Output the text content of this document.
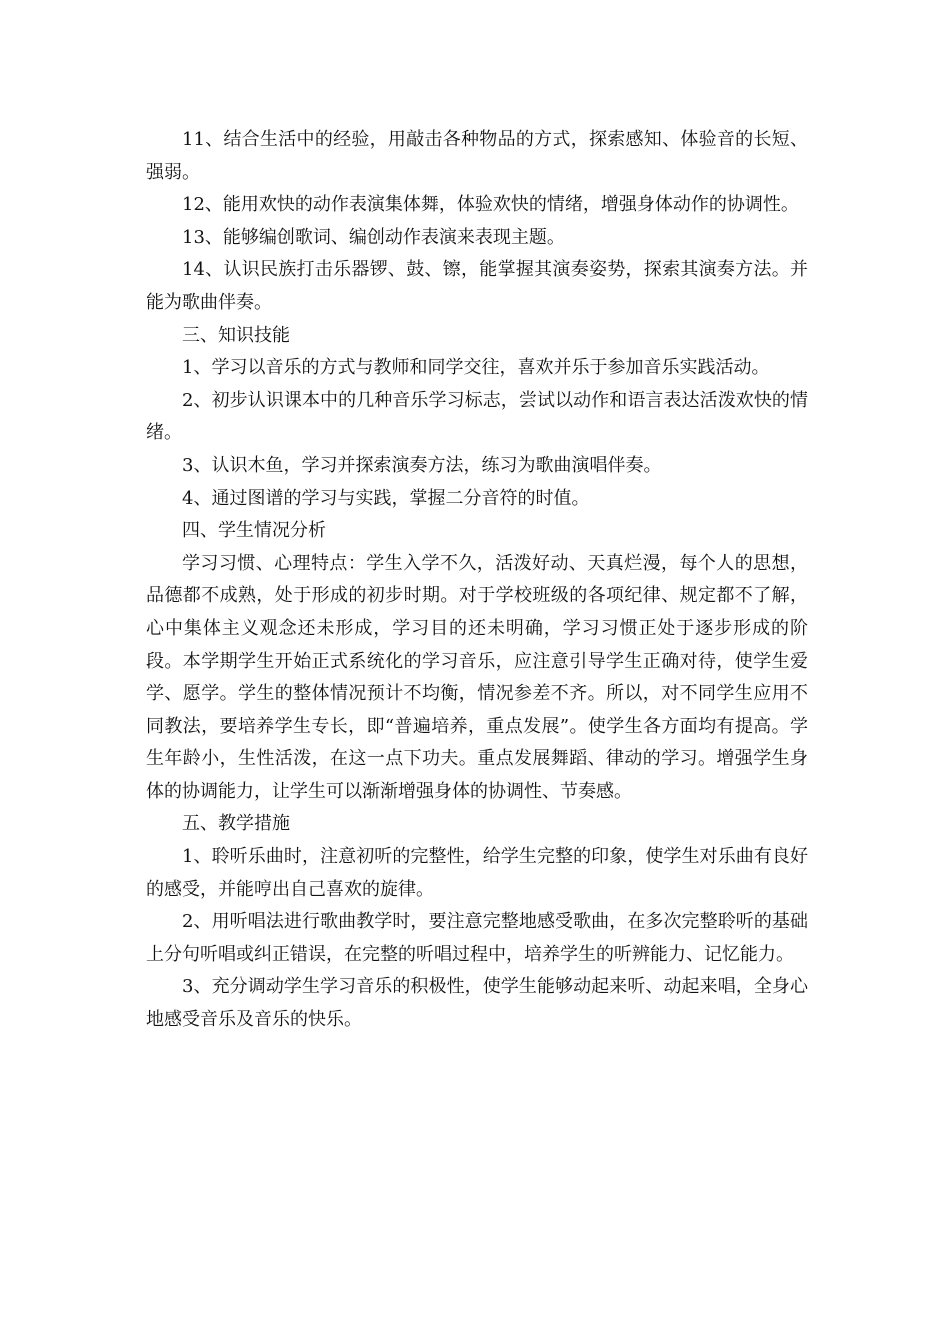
11、结合生活中的经验，用敲击各种物品的方式，探索感知、体验音的长短、强弱。

12、能用欢快的动作表演集体舞，体验欢快的情绪，增强身体动作的协调性。

13、能够编创歌词、编创动作表演来表现主题。

14、认识民族打击乐器锣、鼓、镲，能掌握其演奏姿势，探索其演奏方法。并能为歌曲伴奏。

三、知识技能

1、学习以音乐的方式与教师和同学交往，喜欢并乐于参加音乐实践活动。

2、初步认识课本中的几种音乐学习标志，尝试以动作和语言表达活泼欢快的情绪。

3、认识木鱼，学习并探索演奏方法，练习为歌曲演唱伴奏。

4、通过图谱的学习与实践，掌握二分音符的时值。

四、学生情况分析

学习习惯、心理特点：学生入学不久，活泼好动、天真烂漫，每个人的思想，品德都不成熟，处于形成的初步时期。对于学校班级的各项纪律、规定都不了解，心中集体主义观念还未形成，学习目的还未明确，学习习惯正处于逐步形成的阶段。本学期学生开始正式系统化的学习音乐，应注意引导学生正确对待，使学生爱学、愿学。学生的整体情况预计不均衡，情况参差不齐。所以，对不同学生应用不同教法，要培养学生专长，即“普遍培养，重点发展”。使学生各方面均有提高。学生年龄小，生性活泼，在这一点下功夫。重点发展舞蹈、律动的学习。增强学生身体的协调能力，让学生可以渐渐增强身体的协调性、节奏感。

五、教学措施

1、聆听乐曲时，注意初听的完整性，给学生完整的印象，使学生对乐曲有良好的感受，并能哼出自己喜欢的旋律。

2、用听唱法进行歌曲教学时，要注意完整地感受歌曲，在多次完整聆听的基础上分句听唱或纠正错误，在完整的听唱过程中，培养学生的听辨能力、记忆能力。

3、充分调动学生学习音乐的积极性，使学生能够动起来听、动起来唱，全身心地感受音乐及音乐的快乐。
